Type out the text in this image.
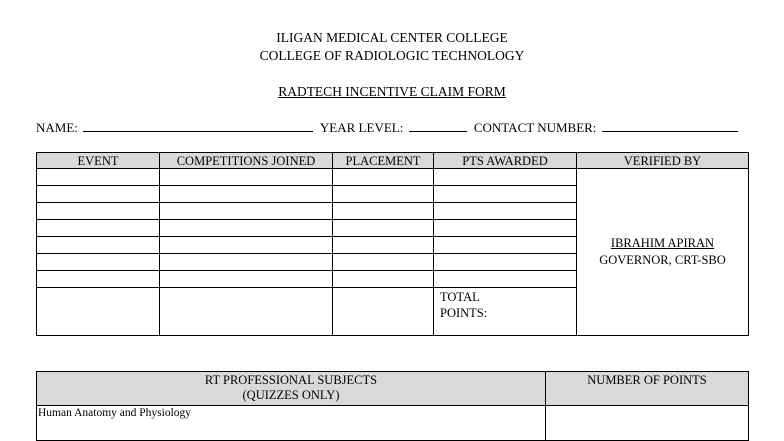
ILIGAN MEDICAL CENTER COLLEGE
COLLEGE OF RADIOLOGIC TECHNOLOGY
RADTECH INCENTIVE CLAIM FORM
NAME:	YEAR LEVEL:	CONTACT NUMBER:
EVENT	COMPETITIONS JOINED	PLACEMENT	PTS AWARDED	VERIFIED BY

				IBRAHIM APIRAN
GOVERNOR, CRT-SBO

			TOTAL
POINTS:	
RT PROFESSIONAL SUBJECTS
(QUIZZES ONLY)	NUMBER OF POINTS
Human Anatomy and Physiology	
